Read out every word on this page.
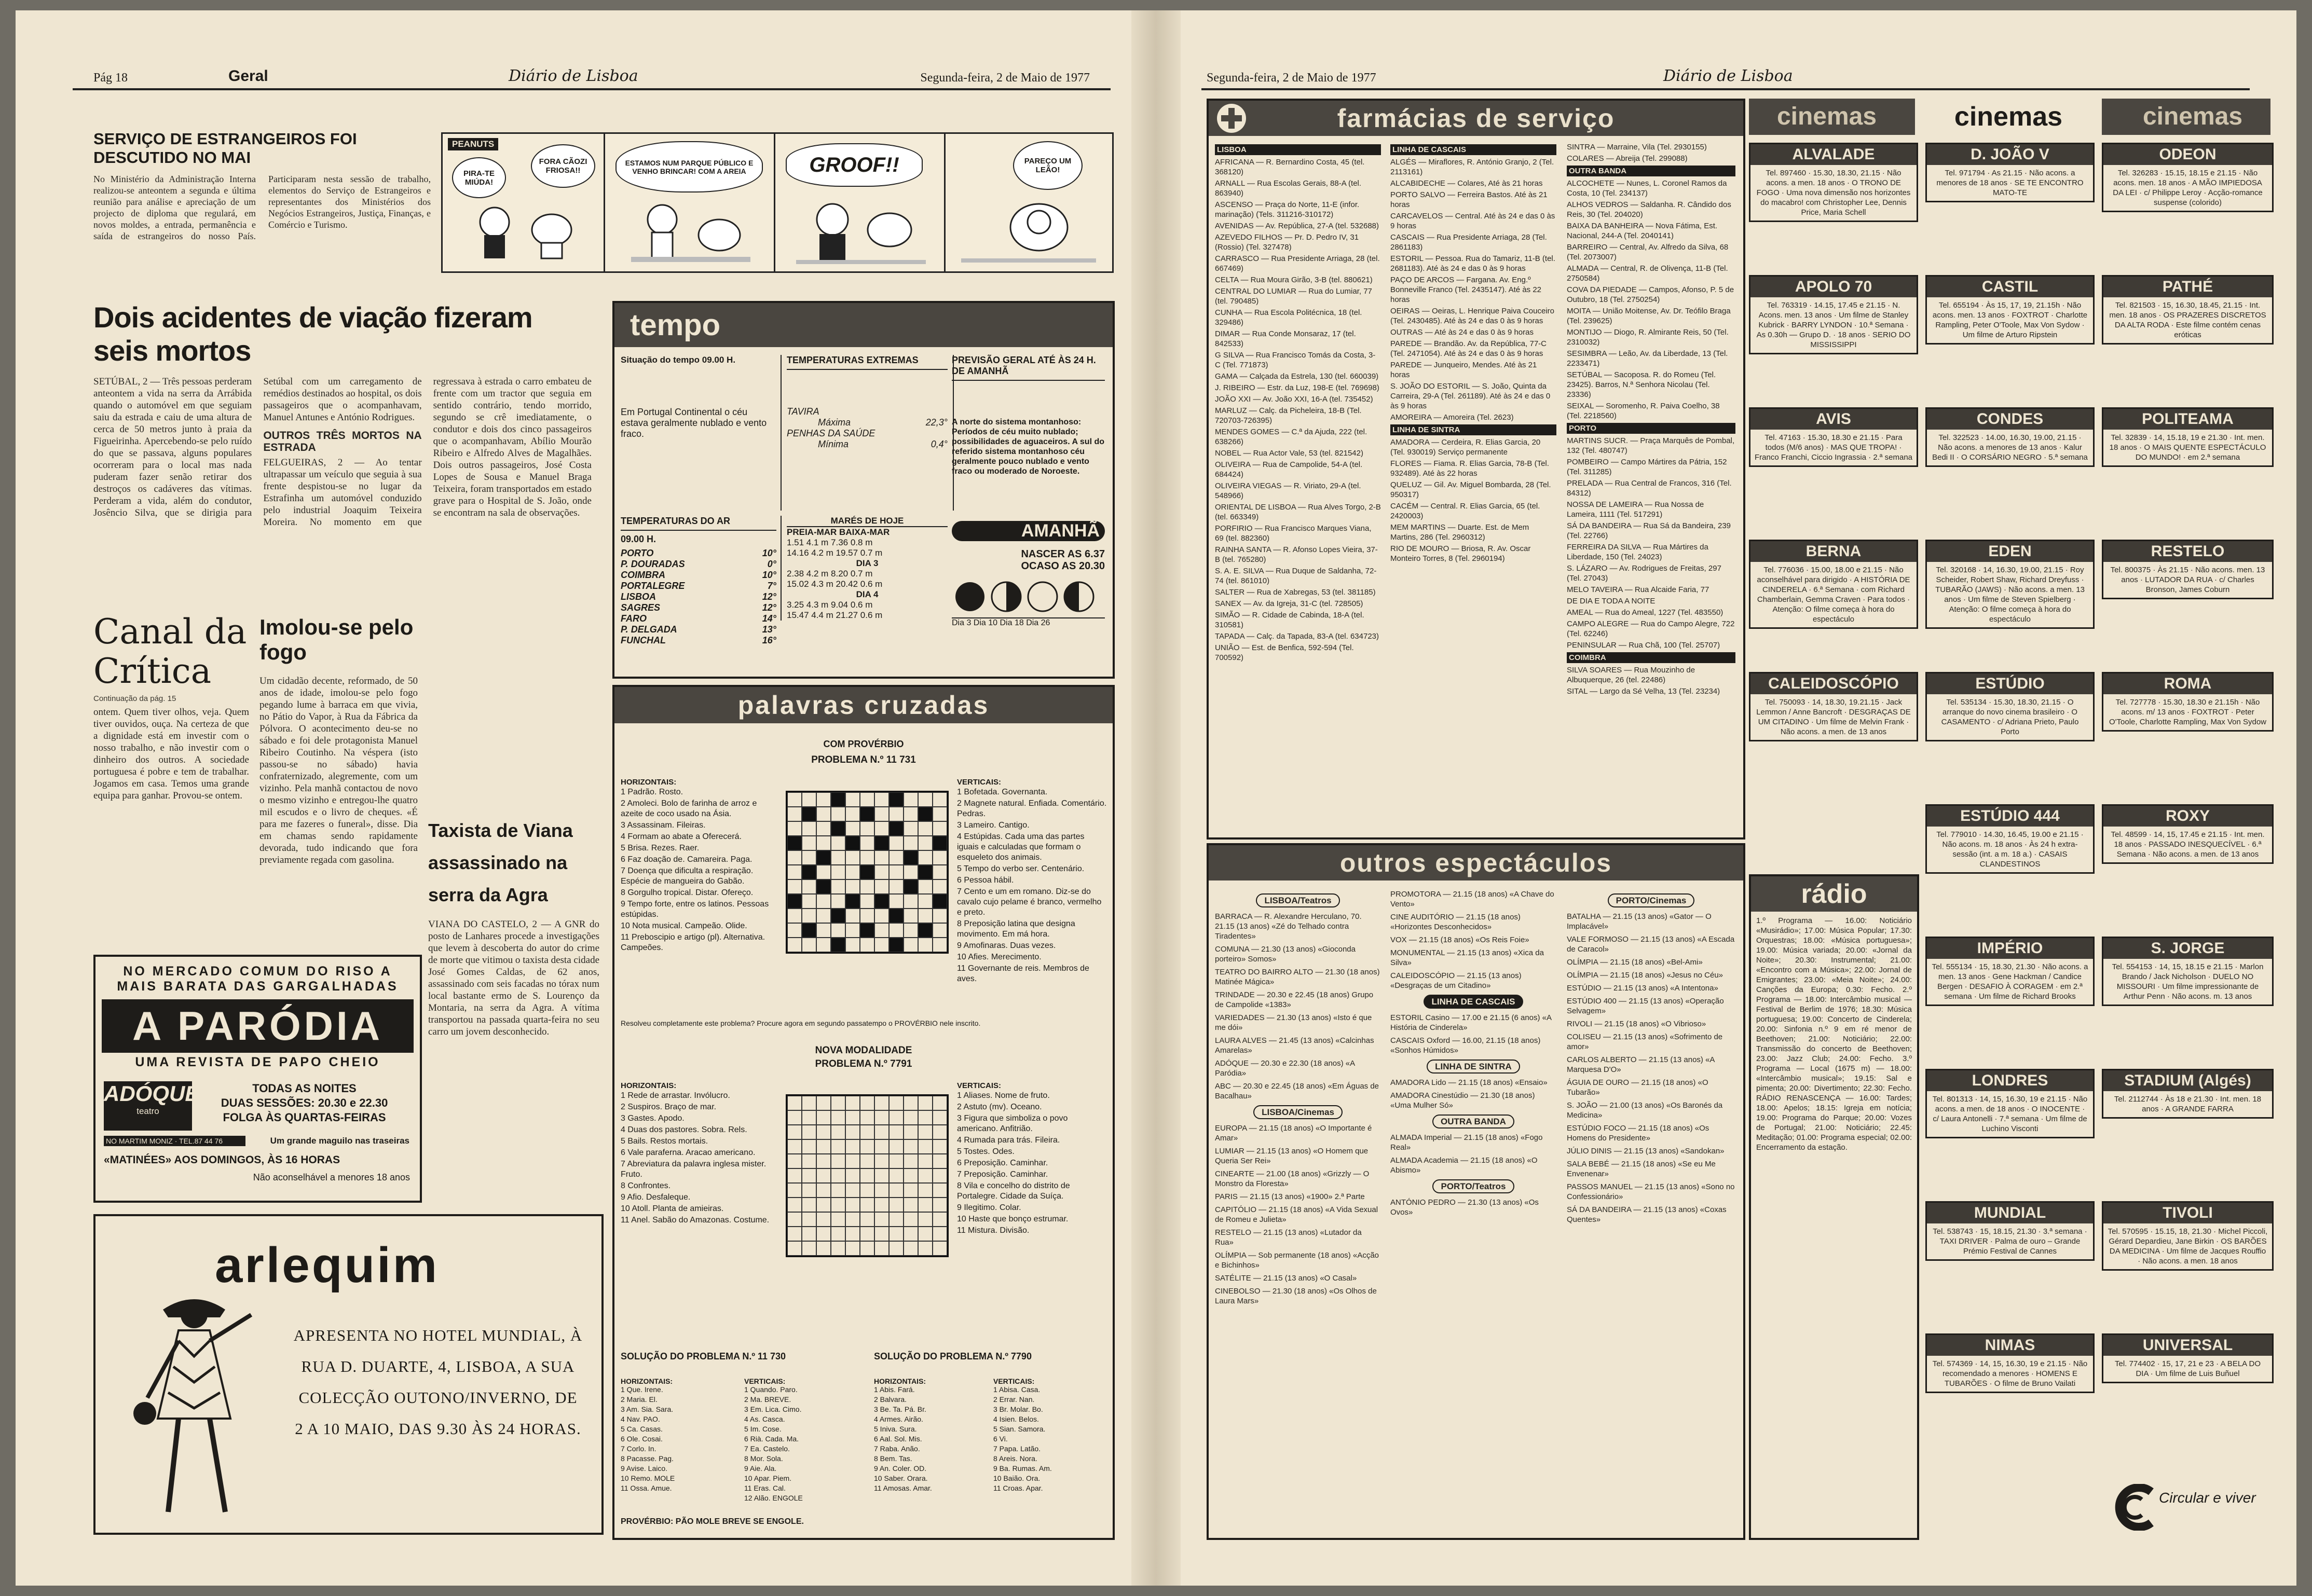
Pág 18	Geral	Diário de Lisboa	Segunda-feira, 2 de Maio de 1977
SERVIÇO DE ESTRANGEIROS FOI DESCUTIDO NO MAI
No Ministério da Administração Interna realizou-se anteontem a segunda e última reunião para análise e apreciação de um projecto de diploma que regulará, em novos moldes, a entrada, permanência e saída de estrangeiros do nosso País. Participaram nesta sessão de trabalho, elementos do Serviço de Estrangeiros e representantes dos Ministérios dos Negócios Estrangeiros, Justiça, Finanças, e Comércio e Turismo.
PEANUTS
PIRA-TE MIÚDA!
FORA CÃOZI FRIOSA!!
ESTAMOS NUM PARQUE PÚBLICO E VENHO BRINCAR! COM A AREIA	GROOF!!	PAREÇO UM LEÃO!
Dois acidentes de viação fizeram seis mortos
SETÚBAL, 2 — Três pessoas perderam anteontem a vida na serra da Arrábida quando o automóvel em que seguiam saiu da estrada e caiu de uma altura de cerca de 50 metros junto à praia da Figueirinha. Apercebendo-se pelo ruído do que se passava, alguns populares ocorreram para o local mas nada puderam fazer senão retirar dos destroços os cadáveres das vítimas. Perderam a vida, além do condutor, Josêncio Silva, que se dirigia para Setúbal com um carregamento de remédios destinados ao hospital, os dois passageiros que o acompanhavam, Manuel Antunes e António Rodrigues.
OUTROS TRÊS MORTOS NA ESTRADA
FELGUEIRAS, 2 — Ao tentar ultrapassar um veículo que seguia à sua frente despistou-se no lugar da Estrafinha um automóvel conduzido pelo industrial Joaquim Teixeira Moreira. No momento em que regressava à estrada o carro embateu de frente com um tractor que seguia em sentido contrário, tendo morrido, segundo se crê imediatamente, o condutor e dois dos cinco passageiros que o acompanhavam, Abílio Mourão Ribeiro e Alfredo Alves de Magalhães. Dois outros passageiros, José Costa Lopes de Sousa e Manuel Braga Teixeira, foram transportados em estado grave para o Hospital de S. João, onde se encontram na sala de observações.
Canal da Crítica
Continuação da pág. 15
ontem. Quem tiver olhos, veja. Quem tiver ouvidos, ouça. Na certeza de que a dignidade está em investir com o nosso trabalho, e não investir com o dinheiro dos outros. A sociedade portuguesa é pobre e tem de trabalhar. Jogamos em casa. Temos uma grande equipa para ganhar. Provou-se ontem.
Imolou-se pelo fogo
Um cidadão decente, reformado, de 50 anos de idade, imolou-se pelo fogo pegando lume à barraca em que vivia, no Pátio do Vapor, à Rua da Fábrica da Pólvora. O acontecimento deu-se no sábado e foi dele protagonista Manuel Ribeiro Coutinho. Na véspera (isto passou-se no sábado) havia confraternizado, alegremente, com um vizinho. Pela manhã contactou de novo o mesmo vizinho e entregou-lhe quatro mil escudos e o livro de cheques. «É para me fazeres o funeral», disse. Dia em chamas sendo rapidamente devorada, tudo indicando que fora previamente regada com gasolina.
Taxista de Viana assassinado na serra da Agra
VIANA DO CASTELO, 2 — A GNR do posto de Lanhares procede a investigações que levem à descoberta do autor do crime de morte que vitimou o taxista desta cidade José Gomes Caldas, de 62 anos, assassinado com seis facadas no tórax num local bastante ermo de S. Lourenço da Montaria, na serra da Agra. A vítima transportou na passada quarta-feira no seu carro um jovem desconhecido.
NO MERCADO COMUM DO RISO A MAIS BARATA DAS GARGALHADAS
A PARÓDIA
UMA REVISTA DE PAPO CHEIO
ADÓQUE
teatro
TODAS AS NOITES
DUAS SESSÕES: 20.30 e 22.30
FOLGA ÀS QUARTAS-FEIRAS
NO MARTIM MONIZ · TEL.87 44 76	Um grande maguilo nas traseiras
«MATINÉES» AOS DOMINGOS, ÀS 16 HORAS
Não aconselhável a menores 18 anos
arlequim
APRESENTA NO HOTEL MUNDIAL, À RUA D. DUARTE, 4, LISBOA, A SUA COLECÇÃO OUTONO/INVERNO, DE 2 A 10 MAIO, DAS 9.30 ÀS 24 HORAS.
tempo
Situação do tempo 09.00 H.
Em Portugal Continental o céu estava geralmente nublado e vento fraco.
TEMPERATURAS EXTREMAS
TAVIRA
Máxima	22,3°
PENHAS DA SAÚDE
Mínima	0,4°
PREVISÃO GERAL ATÉ ÀS 24 H. DE AMANHÃ
A norte do sistema montanhoso: Períodos de céu muito nublado; possibilidades de aguaceiros. A sul do referido sistema montanhoso céu geralmente pouco nublado e vento fraco ou moderado de Noroeste.
TEMPERATURAS DO AR
09.00 H.
PORTO	10°
P. DOURADAS	0°
COIMBRA	10°
PORTALEGRE	7°
LISBOA	12°
SAGRES	12°
FARO	14°
P. DELGADA	13°
FUNCHAL	16°
MARÉS DE HOJE
PREIA-MAR BAIXA-MAR
1.51 4.1 m 7.36 0.8 m
14.16 4.2 m 19.57 0.7 m
DIA 3
2.38 4.2 m 8.20 0.7 m
15.02 4.3 m 20.42 0.6 m
DIA 4
3.25 4.3 m 9.04 0.6 m
15.47 4.4 m 21.27 0.6 m
AMANHÃ
NASCER AS 6.37
OCASO AS 20.30
Dia 3 Dia 10 Dia 18 Dia 26
palavras cruzadas
COM PROVÉRBIO
PROBLEMA N.º 11 731
HORIZONTAIS:
1 Padrão. Rosto.
2 Amoleci. Bolo de farinha de arroz e azeite de coco usado na Ásia.
3 Assassinam. Fileiras.
4 Formam ao abate a Oferecerá.
5 Brisa. Rezes. Raer.
6 Faz doação de. Camareira. Paga.
7 Doença que dificulta a respiração. Espécie de mangueira do Gabão.
8 Gorgulho tropical. Distar. Ofereço.
9 Tempo forte, entre os latinos. Pessoas estúpidas.
10 Nota musical. Campeão. Olide.
11 Preboscipio e artigo (pl). Alternativa. Campeões.
VERTICAIS:
1 Bofetada. Governanta.
2 Magnete natural. Enfiada. Comentário. Pedras.
3 Lameiro. Cantigo.
4 Estúpidas. Cada uma das partes iguais e calculadas que formam o esqueleto dos animais.
5 Tempo do verbo ser. Centenário.
6 Pessoa hábil.
7 Cento e um em romano. Diz-se do cavalo cujo pelame é branco, vermelho e preto.
8 Preposição latina que designa movimento. Em má hora.
9 Amofinaras. Duas vezes.
10 Afies. Merecimento.
11 Governante de reis. Membros de aves.
Resolveu completamente este problema? Procure agora em segundo passatempo o PROVÉRBIO nele inscrito.
NOVA MODALIDADE
PROBLEMA N.º 7791
HORIZONTAIS:
1 Rede de arrastar. Invólucro.
2 Suspiros. Braço de mar.
3 Gastes. Apodo.
4 Duas dos pastores. Sobra. Rels.
5 Bails. Restos mortais.
6 Vale paraferna. Aracao americano.
7 Abreviatura da palavra inglesa mister. Fruto.
8 Confrontes.
9 Afio. Desfaleque.
10 Atoll. Planta de amieiras.
11 Anel. Sabão do Amazonas. Costume.
VERTICAIS:
1 Aliases. Nome de fruto.
2 Astuto (mv). Oceano.
3 Figura que simboliza o povo americano. Anfitrião.
4 Rumada para trás. Fileira.
5 Tostes. Odes.
6 Preposição. Caminhar.
7 Preposição. Caminhar.
8 Vila e concelho do distrito de Portalegre. Cidade da Suíça.
9 Ilegitimo. Colar.
10 Haste que bonço estrumar.
11 Mistura. Divisão.
SOLUÇÃO DO PROBLEMA N.º 11 730	SOLUÇÃO DO PROBLEMA N.º 7790
HORIZONTAIS:
1 Que. Irene.
2 Maria. El.
3 Am. Sia. Sara.
4 Nav. PAO.
5 Ca. Casas.
6 Ole. Cosai.
7 Corlo. In.
8 Pacasse. Pag.
9 Avise. Laico.
10 Remo. MOLE
11 Ossa. Amue.
VERTICAIS:
1 Quando. Paro.
2 Ma. BREVE.
3 Em. Lica. Cimo.
4 As. Casca.
5 Im. Cose.
6 Rià. Cada. Ma.
7 Ea. Castelo.
8 Mor. Sola.
9 Aie. Ala.
10 Apar. Piem.
11 Eras. Cal.
12 Alão. ENGOLE
HORIZONTAIS:
1 Abis. Fará.
2 Balvara.
3 Be. Ta. Pá. Br.
4 Armes. Airão.
5 Iniva. Sura.
6 Aal. Sol. Mis.
7 Raba. Anão.
8 Bem. Tas.
9 An. Coler. OD.
10 Saber. Orara.
11 Amosas. Amar.
VERTICAIS:
1 Abisa. Casa.
2 Errar. Nan.
3 Br. Molar. Bo.
4 Isien. Belos.
5 Sian. Samora.
6 Vi.
7 Papa. Latão.
8 Areis. Nora.
9 Ba. Rumas. Am.
10 Baião. Ora.
11 Croas. Apar.
PROVÉRBIO: PÃO MOLE BREVE SE ENGOLE.
Segunda-feira, 2 de Maio de 1977	Diário de Lisboa
farmácias de serviço
LISBOA
AFRICANA — R. Bernardino Costa, 45 (tel. 368120)
ARNALL — Rua Escolas Gerais, 88-A (tel. 863940)
ASCENSO — Praça do Norte, 11-E (infor. marinação) (Tels. 311216-310172)
AVENIDAS — Av. República, 27-A (tel. 532688)
AZEVEDO FILHOS — Pr. D. Pedro IV, 31 (Rossio) (Tel. 327478)
CARRASCO — Rua Presidente Arriaga, 28 (tel. 667469)
CELTA — Rua Moura Girão, 3-B (tel. 880621)
CENTRAL DO LUMIAR — Rua do Lumiar, 77 (tel. 790485)
CUNHA — Rua Escola Politécnica, 18 (tel. 329486)
DIMAR — Rua Conde Monsaraz, 17 (tel. 842533)
G SILVA — Rua Francisco Tomás da Costa, 3-C (Tel. 771873)
GAMA — Calçada da Estrela, 130 (tel. 660039)
J. RIBEIRO — Estr. da Luz, 198-E (tel. 769698)
JOÃO XXI — Av. João XXI, 16-A (tel. 735452)
MARLUZ — Calç. da Picheleira, 18-B (Tel. 720703-726395)
MENDES GOMES — C.ª da Ajuda, 222 (tel. 638266)
NOBEL — Rua Actor Vale, 53 (tel. 821542)
OLIVEIRA — Rua de Campolide, 54-A (tel. 684424)
OLIVEIRA VIEGAS — R. Viriato, 29-A (tel. 548966)
ORIENTAL DE LISBOA — Rua Alves Torgo, 2-B (tel. 663349)
PORFIRIO — Rua Francisco Marques Viana, 69 (tel. 882360)
RAINHA SANTA — R. Afonso Lopes Vieira, 37-B (tel. 765280)
S. A. E. SILVA — Rua Duque de Saldanha, 72-74 (tel. 861010)
SALTER — Rua de Xabregas, 53 (tel. 381185)
SANEX — Av. da Igreja, 31-C (tel. 728505)
SIMÃO — R. Cidade de Cabinda, 18-A (tel. 310581)
TAPADA — Calç. da Tapada, 83-A (tel. 634723)
UNIÃO — Est. de Benfica, 592-594 (Tel. 700592)
LINHA DE CASCAIS
ALGÉS — Miraflores, R. António Granjo, 2 (Tel. 2113161)
ALCABIDECHE — Colares, Até às 21 horas
PORTO SALVO — Ferreira Bastos. Até às 21 horas
CARCAVELOS — Central. Até às 24 e das 0 às 9 horas
CASCAIS — Rua Presidente Arriaga, 28 (Tel. 2861183)
ESTORIL — Pessoa. Rua do Tamariz, 11-B (tel. 2681183). Até às 24 e das 0 às 9 horas
PAÇO DE ARCOS — Fargana. Av. Eng.º Bonneville Franco (Tel. 2435147). Até às 22 horas
OEIRAS — Oeiras, L. Henrique Paiva Couceiro (Tel. 2430485). Até às 24 e das 0 às 9 horas
OUTRAS — Até às 24 e das 0 às 9 horas
PAREDE — Brandão. Av. da República, 77-C (Tel. 2471054). Até às 24 e das 0 às 9 horas
PAREDE — Junqueiro, Mendes. Até às 21 horas
S. JOÃO DO ESTORIL — S. João, Quinta da Carreira, 29-A (Tel. 261189). Até às 24 e das 0 às 9 horas
AMOREIRA — Amoreira (Tel. 2623)
LINHA DE SINTRA
AMADORA — Cerdeira, R. Elias Garcia, 20 (Tel. 930019) Serviço permanente
FLORES — Fiama. R. Elias Garcia, 78-B (Tel. 932489). Até às 22 horas
QUELUZ — Gil. Av. Miguel Bombarda, 28 (Tel. 950317)
CACÉM — Central. R. Elias Garcia, 65 (tel. 2420003)
MEM MARTINS — Duarte. Est. de Mem Martins, 286 (Tel. 2960312)
RIO DE MOURO — Briosa, R. Av. Oscar Monteiro Torres, 8 (Tel. 2960194)
SINTRA — Marraine, Vila (Tel. 2930155)
COLARES — Abreija (Tel. 299088)
OUTRA BANDA
ALCOCHETE — Nunes, L. Coronel Ramos da Costa, 10 (Tel. 234137)
ALHOS VEDROS — Saldanha. R. Cândido dos Reis, 30 (Tel. 204020)
BAIXA DA BANHEIRA — Nova Fátima, Est. Nacional, 244-A (Tel. 2040141)
BARREIRO — Central, Av. Alfredo da Silva, 68 (Tel. 2073007)
ALMADA — Central, R. de Olivença, 11-B (Tel. 2750584)
COVA DA PIEDADE — Campos, Afonso, P. 5 de Outubro, 18 (Tel. 2750254)
MOITA — União Moitense, Av. Dr. Teófilo Braga (Tel. 239625)
MONTIJO — Diogo, R. Almirante Reis, 50 (Tel. 2310032)
SESIMBRA — Leão, Av. da Liberdade, 13 (Tel. 2233471)
SETÚBAL — Sacoposa. R. do Romeu (Tel. 23425). Barros, N.ª Senhora Nicolau (Tel. 23336)
SEIXAL — Soromenho, R. Paiva Coelho, 38 (Tel. 2218560)
PORTO
MARTINS SUCR. — Praça Marquês de Pombal, 132 (Tel. 480747)
POMBEIRO — Campo Mártires da Pátria, 152 (Tel. 311285)
PRELADA — Rua Central de Francos, 316 (Tel. 84312)
NOSSA DE LAMEIRA — Rua Nossa de Lameira, 1111 (Tel. 517291)
SÁ DA BANDEIRA — Rua Sá da Bandeira, 239 (Tel. 22766)
FERREIRA DA SILVA — Rua Mártires da Liberdade, 150 (Tel. 24023)
S. LÁZARO — Av. Rodrigues de Freitas, 297 (Tel. 27043)
MELO TAVEIRA — Rua Alcaide Faria, 77
DE DIA E TODA A NOITE
AMEAL — Rua do Ameal, 1227 (Tel. 483550)
CAMPO ALEGRE — Rua do Campo Alegre, 722 (Tel. 62246)
PENINSULAR — Rua Chã, 100 (Tel. 25707)
COIMBRA
SILVA SOARES — Rua Mouzinho de Albuquerque, 26 (tel. 22486)
SITAL — Largo da Sé Velha, 13 (Tel. 23234)
outros espectáculos
LISBOA/Teatros
BARRACA — R. Alexandre Herculano, 70. 21.15 (13 anos) «Zé do Telhado contra Tiradentes»
COMUNA — 21.30 (13 anos) «Gioconda porteiro» Somos»
TEATRO DO BAIRRO ALTO — 21.30 (18 anos) Matinée Mágica»
TRINDADE — 20.30 e 22.45 (18 anos) Grupo de Campolide «1383»
VARIEDADES — 21.30 (13 anos) «Isto é que me dói»
LAURA ALVES — 21.45 (13 anos) «Calcinhas Amarelas»
ADÓQUE — 20.30 e 22.30 (18 anos) «A Paródia»
ABC — 20.30 e 22.45 (18 anos) «Em Águas de Bacalhau»
LISBOA/Cinemas
EUROPA — 21.15 (18 anos) «O Importante é Amar»
LUMIAR — 21.15 (13 anos) «O Homem que Queria Ser Rei»
CINEARTE — 21.00 (18 anos) «Grizzly — O Monstro da Floresta»
PARIS — 21.15 (13 anos) «1900» 2.ª Parte
CAPITÓLIO — 21.15 (18 anos) «A Vida Sexual de Romeu e Julieta»
RESTELO — 21.15 (13 anos) «Lutador da Rua»
OLÍMPIA — Sob permanente (18 anos) «Acção e Bichinhos»
SATÉLITE — 21.15 (13 anos) «O Casal»
CINEBOLSO — 21.30 (18 anos) «Os Olhos de Laura Mars»
PROMOTORA — 21.15 (18 anos) «A Chave do Vento»
CINE AUDITÓRIO — 21.15 (18 anos) «Horizontes Desconhecidos»
VOX — 21.15 (18 anos) «Os Reis Foie»
MONUMENTAL — 21.15 (13 anos) «Xica da Silva»
CALEIDOSCÓPIO — 21.15 (13 anos) «Desgraças de um Citadino»
LINHA DE CASCAIS
ESTORIL Casino — 17.00 e 21.15 (6 anos) «A História de Cinderela»
CASCAIS Oxford — 16.00, 21.15 (18 anos) «Sonhos Húmidos»
LINHA DE SINTRA
AMADORA Lido — 21.15 (18 anos) «Ensaio»
AMADORA Cinestúdio — 21.30 (18 anos) «Uma Mulher Só»
OUTRA BANDA
ALMADA Imperial — 21.15 (18 anos) «Fogo Real»
ALMADA Academia — 21.15 (18 anos) «O Abismo»
PORTO/Teatros
ANTÓNIO PEDRO — 21.30 (13 anos) «Os Ovos»
PORTO/Cinemas
BATALHA — 21.15 (13 anos) «Gator — O Implacável»
VALE FORMOSO — 21.15 (13 anos) «A Escada de Caracol»
OLÍMPIA — 21.15 (18 anos) «Bel-Ami»
OLÍMPIA — 21.15 (18 anos) «Jesus no Céu»
ESTÚDIO — 21.15 (13 anos) «A Intentona»
ESTÚDIO 400 — 21.15 (13 anos) «Operação Selvagem»
RIVOLI — 21.15 (18 anos) «O Vibrioso»
COLISEU — 21.15 (13 anos) «Sofrimento de amor»
CARLOS ALBERTO — 21.15 (13 anos) «A Marquesa D'O»
ÁGUIA DE OURO — 21.15 (18 anos) «O Tubarão»
S. JOÃO — 21.00 (13 anos) «Os Baronés da Medicina»
ESTÚDIO FOCO — 21.15 (18 anos) «Os Homens do Presidente»
JÚLIO DINIS — 21.15 (13 anos) «Sandokan»
SALA BEBÉ — 21.15 (18 anos) «Se eu Me Envenenar»
PASSOS MANUEL — 21.15 (13 anos) «Sono no Confessionário»
SÁ DA BANDEIRA — 21.15 (13 anos) «Coxas Quentes»
cinemas	cinemas	cinemas
ALVALADE
Tel. 897460 · 15.30, 18.30, 21.15 · Não acons. a men. 18 anos · O TRONO DE FOGO · Uma nova dimensão nos horizontes do macabro! com Christopher Lee, Dennis Price, Maria Schell
APOLO 70
Tel. 763319 · 14.15, 17.45 e 21.15 · N. Acons. men. 13 anos · Um filme de Stanley Kubrick · BARRY LYNDON · 10.ª Semana · As 0.30h — Grupo D. · 18 anos · SERIO DO MISSISSIPPI
AVIS
Tel. 47163 · 15.30, 18.30 e 21.15 · Para todos (M/6 anos) · MAS QUE TROPA! · Franco Franchi, Ciccio Ingrassia · 2.ª semana
BERNA
Tel. 776036 · 15.00, 18.00 e 21.15 · Não aconselhável para dirigido · A HISTÓRIA DE CINDERELA · 6.ª Semana · com Richard Chamberlain, Gemma Craven · Para todos · Atenção: O filme começa à hora do espectáculo
CALEIDOSCÓPIO
Tel. 750093 · 14, 18.30, 19.21.15 · Jack Lemmon / Anne Bancroft · DESGRAÇAS DE UM CITADINO · Um filme de Melvin Frank · Não acons. a men. de 13 anos
D. JOÃO V
Tel. 971794 · As 21.15 · Não acons. a menores de 18 anos · SE TE ENCONTRO MATO-TE
CASTIL
Tel. 655194 · Às 15, 17, 19, 21.15h · Não acons. men. 13 anos · FOXTROT · Charlotte Rampling, Peter O'Toole, Max Von Sydow · Um filme de Arturo Ripstein
CONDES
Tel. 322523 · 14.00, 16.30, 19.00, 21.15 · Não acons. a menores de 13 anos · Kalur Bedi II · O CORSÁRIO NEGRO · 5.ª semana
EDEN
Tel. 320168 · 14, 16.30, 19.00, 21.15 · Roy Scheider, Robert Shaw, Richard Dreyfuss · TUBARÃO (JAWS) · Não acons. a men. 13 anos · Um filme de Steven Spielberg · Atenção: O filme começa à hora do espectáculo
ESTÚDIO
Tel. 535134 · 15.30, 18.30, 21.15 · O arranque do novo cinema brasileiro · O CASAMENTO · c/ Adriana Prieto, Paulo Porto
ESTÚDIO 444
Tel. 779010 · 14.30, 16.45, 19.00 e 21.15 · Não acons. m. 18 anos · Às 24 h extra-sessão (int. a m. 18 a.) · CASAIS CLANDESTINOS
IMPÉRIO
Tel. 555134 · 15, 18.30, 21.30 · Não acons. a men. 13 anos · Gene Hackman / Candice Bergen · DESAFIO À CORAGEM · em 2.ª semana · Um filme de Richard Brooks
LONDRES
Tel. 801313 · 14, 15, 16.30, 19 e 21.15 · Não acons. a men. de 18 anos · O INOCENTE · c/ Laura Antonelli · 7.ª semana · Um filme de Luchino Visconti
MUNDIAL
Tel. 538743 · 15, 18.15, 21.30 · 3.ª semana · TAXI DRIVER · Palma de ouro – Grande Prémio Festival de Cannes
NIMAS
Tel. 574369 · 14, 15, 16.30, 19 e 21.15 · Não recomendado a menores · HOMENS E TUBARÕES · O filme de Bruno Vailati
ODEON
Tel. 326283 · 15.15, 18.15 e 21.15 · Não acons. men. 18 anos · A MÃO IMPIEDOSA DA LEI · c/ Philippe Leroy · Acção-romance suspense (colorido)
PATHÉ
Tel. 821503 · 15, 16.30, 18.45, 21.15 · Int. men. 18 anos · OS PRAZERES DISCRETOS DA ALTA RODA · Este filme contém cenas eróticas
POLITEAMA
Tel. 32839 · 14, 15.18, 19 e 21.30 · Int. men. 18 anos · O MAIS QUENTE ESPECTÁCULO DO MUNDO! · em 2.ª semana
RESTELO
Tel. 800375 · Às 21.15 · Não acons. men. 13 anos · LUTADOR DA RUA · c/ Charles Bronson, James Coburn
ROMA
Tel. 727778 · 15.30, 18.30 e 21.15h · Não acons. m/ 13 anos · FOXTROT · Peter O'Toole, Charlotte Rampling, Max Von Sydow
ROXY
Tel. 48599 · 14, 15, 17.45 e 21.15 · Int. men. 18 anos · PASSADO INESQUECÍVEL · 6.ª Semana · Não acons. a men. de 13 anos
S. JORGE
Tel. 554153 · 14, 15, 18.15 e 21.15 · Marlon Brando / Jack Nicholson · DUELO NO MISSOURI · Um filme impressionante de Arthur Penn · Não acons. m. 13 anos
STADIUM (Algés)
Tel. 2112744 · Às 18 e 21.30 · Int. men. 18 anos · A GRANDE FARRA
TIVOLI
Tel. 570595 · 15.15, 18, 21.30 · Michel Piccoli, Gérard Depardieu, Jane Birkin · OS BARÕES DA MEDICINA · Um filme de Jacques Rouffio · Não acons. a men. 18 anos
UNIVERSAL
Tel. 774402 · 15, 17, 21 e 23 · A BELA DO DIA · Um filme de Luis Buñuel
rádio
1.º Programa — 16.00: Noticiário «Musirádio»; 17.00: Música Popular; 17.30: Orquestras; 18.00: «Música portuguesa»; 19.00: Música variada; 20.00: «Jornal da Noite»; 20.30: Instrumental; 21.00: «Encontro com a Música»; 22.00: Jornal de Emigrantes; 23.00: «Meia Noite»; 24.00: Canções da Europa; 0.30: Fecho. 2.º Programa — 18.00: Intercâmbio musical — Festival de Berlim de 1976; 18.30: Música portuguesa; 19.00: Concerto de Cinderela; 20.00: Sinfonia n.º 9 em ré menor de Beethoven; 21.00: Noticiário; 22.00: Transmissão do concerto de Beethoven; 23.00: Jazz Club; 24.00: Fecho. 3.º Programa — Local (1675 m) — 18.00: «Intercâmbio musical»; 19.15: Sal e pimenta; 20.00: Divertimento; 22.30: Fecho. RÁDIO RENASCENÇA — 16.00: Tardes; 18.00: Apelos; 18.15: Igreja em notícia; 19.00: Programa do Parque; 20.00: Vozes de Portugal; 21.00: Noticiário; 22.45: Meditação; 01.00: Programa especial; 02.00: Encerramento da estação.
Circular e viver
